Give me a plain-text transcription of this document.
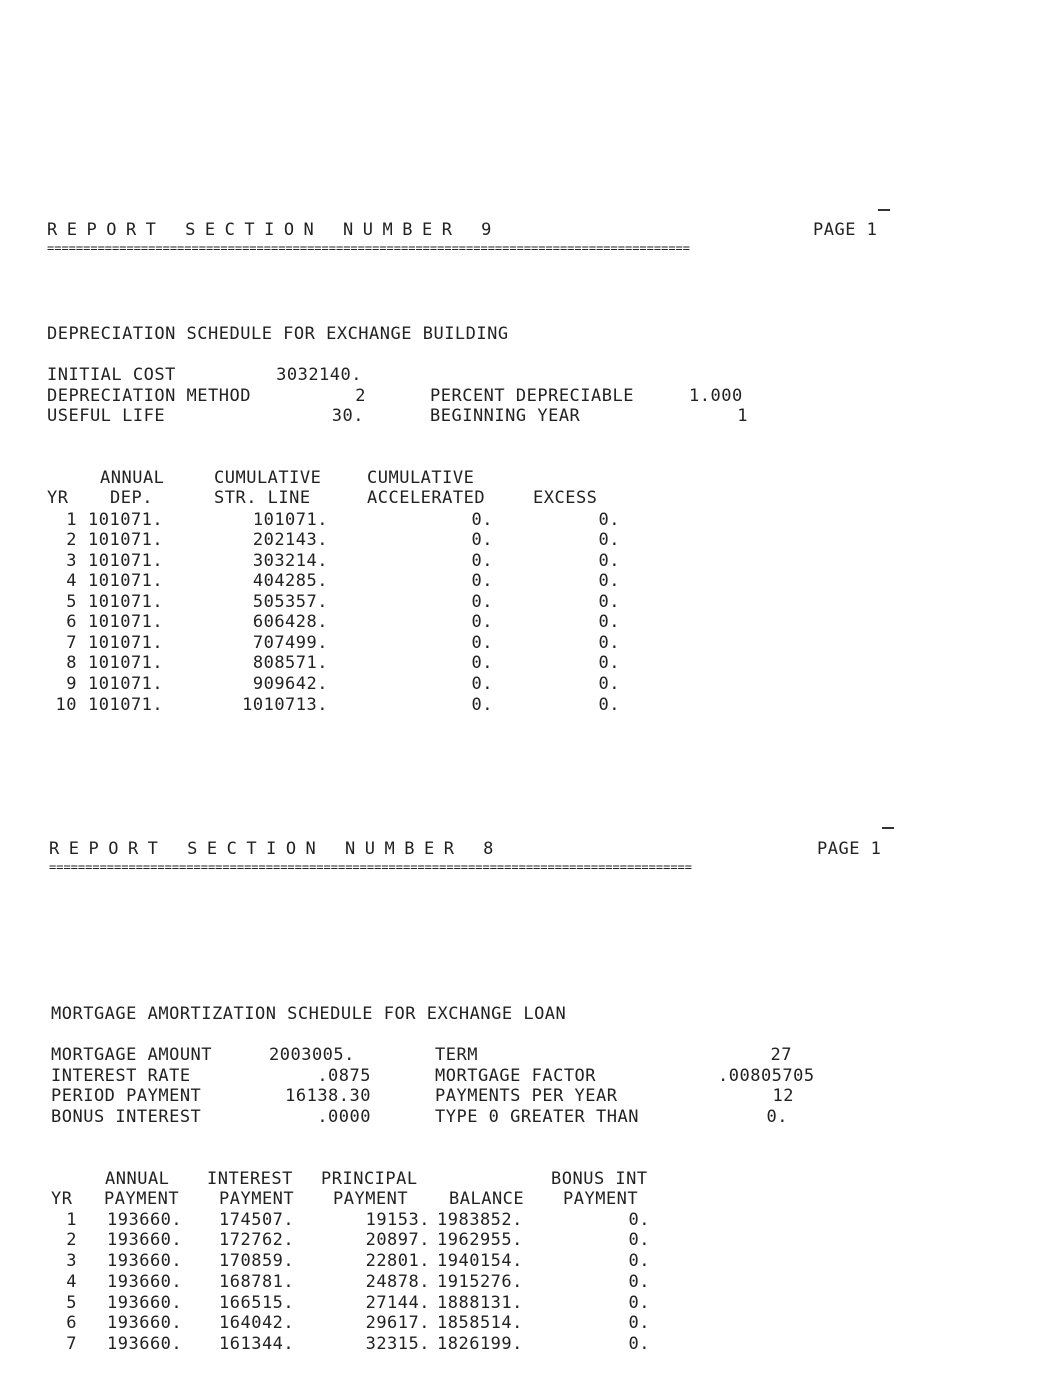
REPORT SECTION NUMBER 9	PAGE 1
=========================================================================================
DEPRECIATION SCHEDULE FOR EXCHANGE BUILDING
INITIAL COST	3032140.
DEPRECIATION METHOD	2	PERCENT DEPRECIABLE	1.000
USEFUL LIFE	30.	BEGINNING YEAR	1
ANNUAL	CUMULATIVE	CUMULATIVE
YR DEP.	STR. LINE	ACCELERATED	EXCESS
1 101071.	101071.	0.	0.
2 101071.	202143.	0.	0.
3 101071.	303214.	0.	0.
4 101071.	404285.	0.	0.
5 101071.	505357.	0.	0.
6 101071.	606428.	0.	0.
7 101071.	707499.	0.	0.
8 101071.	808571.	0.	0.
9 101071.	909642.	0.	0.
10 101071.	1010713.	0.	0.
REPORT SECTION NUMBER 8	PAGE 1
=========================================================================================
MORTGAGE AMORTIZATION SCHEDULE FOR EXCHANGE LOAN
MORTGAGE AMOUNT	2003005.	TERM	27
INTEREST RATE	.0875	MORTGAGE FACTOR	.00805705
PERIOD PAYMENT	16138.30	PAYMENTS PER YEAR	12
BONUS INTEREST	.0000	TYPE 0 GREATER THAN	0.
ANNUAL INTEREST PRINCIPAL	BONUS INT
YR PAYMENT PAYMENT PAYMENT BALANCE PAYMENT
1 193660. 174507.	19153. 1983852.	0.
2 193660. 172762.	20897. 1962955.	0.
3 193660. 170859.	22801. 1940154.	0.
4 193660. 168781.	24878. 1915276.	0.
5 193660. 166515.	27144. 1888131.	0.
6 193660. 164042.	29617. 1858514.	0.
7 193660. 161344.	32315. 1826199.	0.
